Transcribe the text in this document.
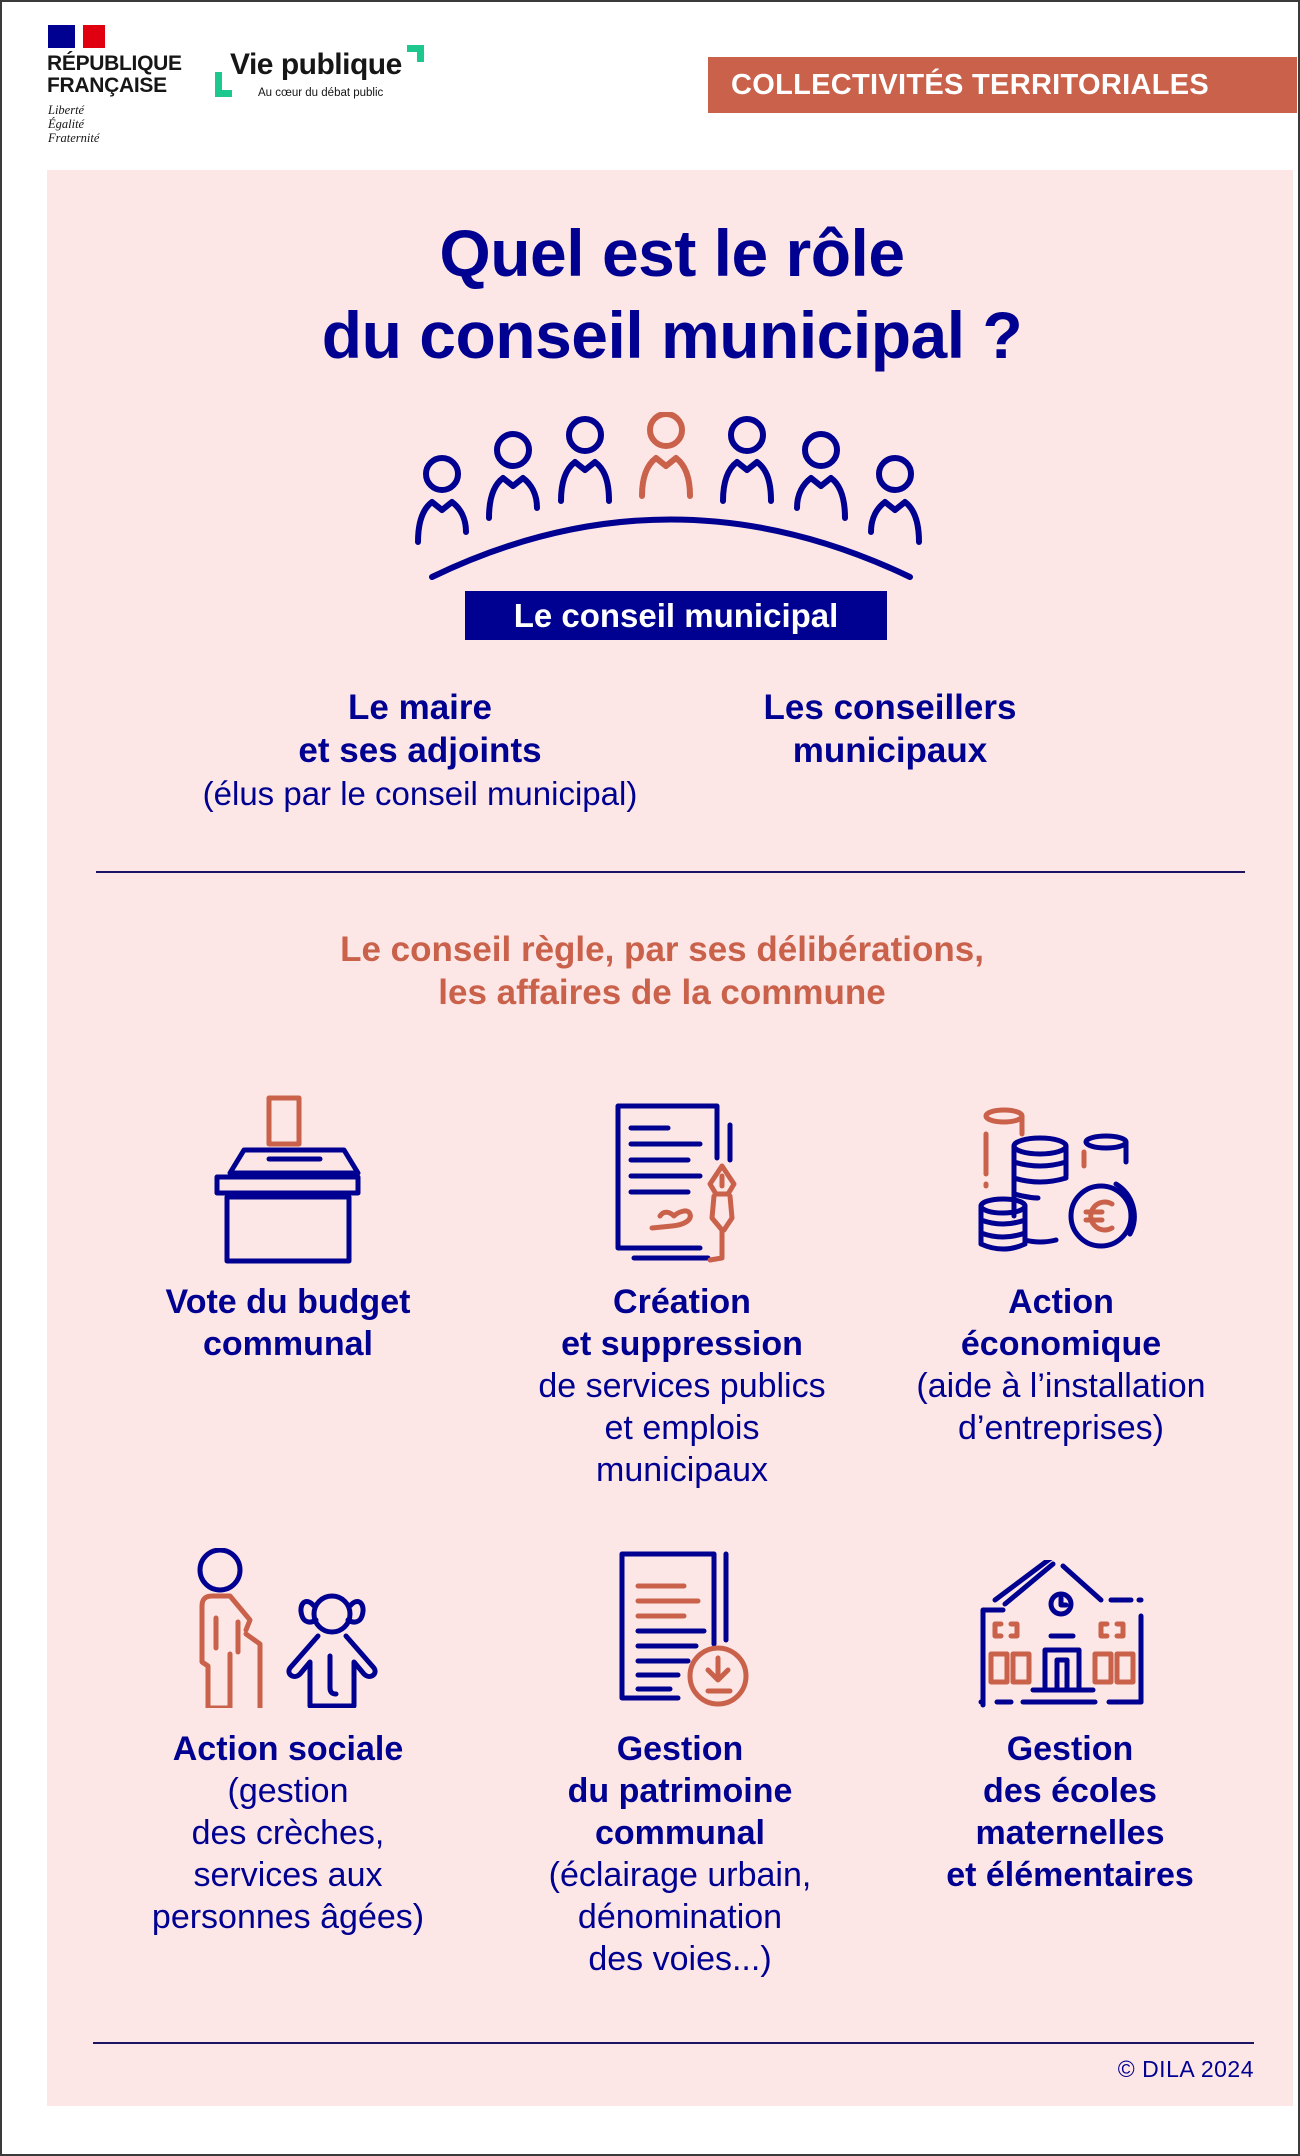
RÉPUBLIQUE
FRANÇAISE
Liberté
Égalité
Fraternité
Vie publique
Au cœur du débat public	COLLECTIVITÉS TERRITORIALES
Quel est le rôle
du conseil municipal ?
Le conseil municipal
Le maire
et ses adjoints
(élus par le conseil municipal)
Les conseillers
municipaux
Le conseil règle, par ses délibérations,
les affaires de la commune
Vote du budget
communal
Création
et suppression
de services publics
et emplois
municipaux
Action
économique
(aide à l’installation
d’entreprises)
Action sociale
(gestion
des crèches,
services aux
personnes âgées)
Gestion
du patrimoine
communal
(éclairage urbain,
dénomination
des voies...)
Gestion
des écoles
maternelles
et élémentaires
© DILA 2024
